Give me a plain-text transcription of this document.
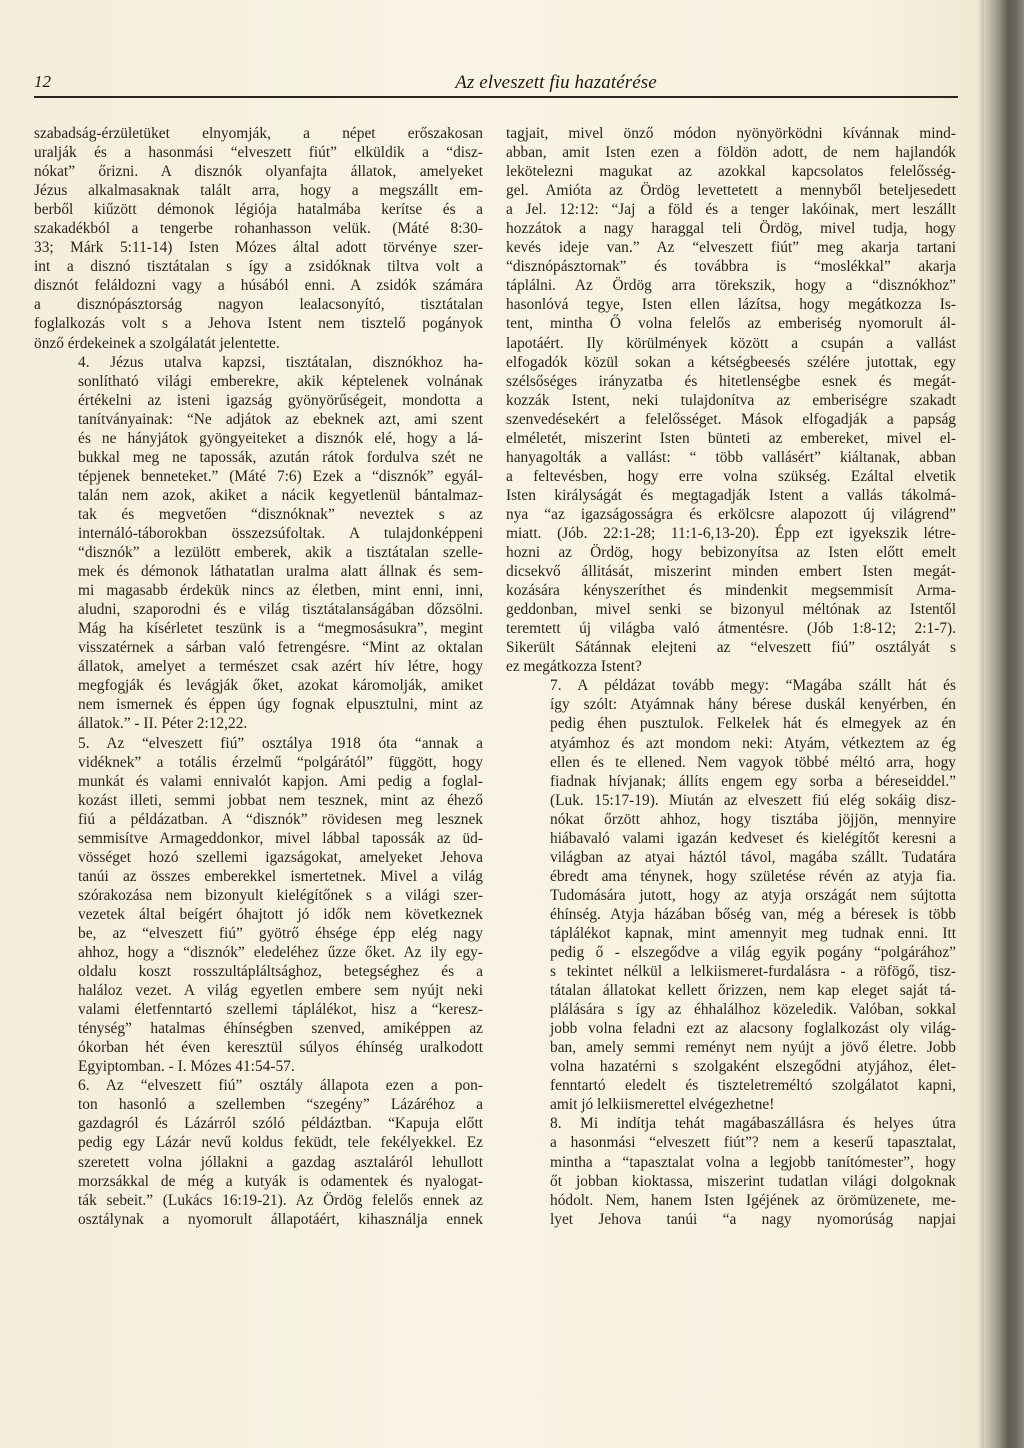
12	Az elveszett fiu hazatérése

szabadság-érzületüket elnyomják, a népet erőszakosan
uralják és a hasonmási “elveszett fiút” elküldik a “disz-
nókat” őrizni. A disznók olyanfajta állatok, amelyeket
Jézus alkalmasaknak talált arra, hogy a megszállt em-
berből kiűzött démonok légiója hatalmába kerítse és a
szakadékból a tengerbe rohanhasson velük. (Máté 8:30-
33; Márk 5:11-14) Isten Mózes által adott törvénye szer-
int a disznó tisztátalan s így a zsidóknak tiltva volt a
disznót feláldozni vagy a húsából enni. A zsidók számára
a disznópásztorság nagyon lealacsonyító, tisztátalan
foglalkozás volt s a Jehova Istent nem tisztelő pogányok
önző érdekeinek a szolgálatát jelentette.

4. Jézus utalva kapzsi, tisztátalan, disznókhoz ha-
sonlítható világi emberekre, akik képtelenek volnának
értékelni az isteni igazság gyönyörűségeit, mondotta a
tanítványainak: “Ne adjátok az ebeknek azt, ami szent
és ne hányjátok gyöngyeiteket a disznók elé, hogy a lá-
bukkal meg ne tapossák, azután rátok fordulva szét ne
tépjenek benneteket.” (Máté 7:6) Ezek a “disznók” egyál-
talán nem azok, akiket a nácik kegyetlenül bántalmaz-
tak és megvetően “disznóknak” neveztek s az
internáló-táborokban összezsúfoltak. A tulajdonképpeni
“disznók” a lezülött emberek, akik a tisztátalan szelle-
mek és démonok láthatatlan uralma alatt állnak és sem-
mi magasabb érdekük nincs az életben, mint enni, inni,
aludni, szaporodni és e világ tisztátalanságában dőzsölni.
Mág ha kísérletet teszünk is a “megmosásukra”, megint
visszatérnek a sárban való fetrengésre. “Mint az oktalan
állatok, amelyet a természet csak azért hív létre, hogy
megfogják és levágják őket, azokat káromolják, amiket
nem ismernek és éppen úgy fognak elpusztulni, mint az
állatok.” - II. Péter 2:12,22.

5. Az “elveszett fiú” osztálya 1918 óta “annak a
vidéknek” a totális érzelmű “polgárától” függött, hogy
munkát és valami ennivalót kapjon. Ami pedig a foglal-
kozást illeti, semmi jobbat nem tesznek, mint az éhező
fiú a példázatban. A “disznók” rövidesen meg lesznek
semmisítve Armageddonkor, mivel lábbal tapossák az üd-
vösséget hozó szellemi igazságokat, amelyeket Jehova
tanúi az összes emberekkel ismertetnek. Mivel a világ
szórakozása nem bizonyult kielégítőnek s a világi szer-
vezetek által beígért óhajtott jó idők nem következnek
be, az “elveszett fiú” gyötrő éhsége épp elég nagy
ahhoz, hogy a “disznók” eledeléhez űzze őket. Az ily egy-
oldalu koszt rosszultápláltsághoz, betegséghez és a
haláloz vezet. A világ egyetlen embere sem nyújt neki
valami életfenntartó szellemi táplálékot, hisz a “keresz-
ténység” hatalmas éhínségben szenved, amiképpen az
ókorban hét éven keresztül súlyos éhínség uralkodott
Egyiptomban. - I. Mózes 41:54-57.

6. Az “elveszett fiú” osztály állapota ezen a pon-
ton hasonló a szellemben “szegény” Lázáréhoz a
gazdagról és Lázárról szóló példáztban. “Kapuja előtt
pedig egy Lázár nevű koldus feküdt, tele fekélyekkel. Ez
szeretett volna jóllakni a gazdag asztaláról lehullott
morzsákkal de még a kutyák is odamentek és nyalogat-
ták sebeit.” (Lukács 16:19-21). Az Ördög felelős ennek az
osztálynak a nyomorult állapotáért, kihasználja ennek

tagjait, mivel önző módon nyönyörködni kívánnak mind-
abban, amit Isten ezen a földön adott, de nem hajlandók
lekötelezni magukat az azokkal kapcsolatos felelősség-
gel. Amióta az Ördög levettetett a mennyből beteljesedett
a Jel. 12:12: “Jaj a föld és a tenger lakóinak, mert leszállt
hozzátok a nagy haraggal teli Ördög, mivel tudja, hogy
kevés ideje van.” Az “elveszett fiút” meg akarja tartani
“disznópásztornak” és továbbra is “moslékkal” akarja
táplálni. Az Ördög arra törekszik, hogy a “disznókhoz”
hasonlóvá tegye, Isten ellen lázítsa, hogy megátkozza Is-
tent, mintha Ő volna felelős az emberiség nyomorult ál-
lapotáért. Ily körülmények között a csupán a vallást
elfogadók közül sokan a kétségbeesés szélére jutottak, egy
szélsőséges irányzatba és hitetlenségbe esnek és megát-
kozzák Istent, neki tulajdonítva az emberiségre szakadt
szenvedésekért a felelősséget. Mások elfogadják a papság
elméletét, miszerint Isten bünteti az embereket, mivel el-
hanyagolták a vallást: “ több vallásért” kiáltanak, abban
a feltevésben, hogy erre volna szükség. Ezáltal elvetik
Isten királyságát és megtagadják Istent a vallás tákolmá-
nya “az igazságosságra és erkölcsre alapozott új világrend”
miatt. (Jób. 22:1-28; 11:1-6,13-20). Épp ezt igyekszik létre-
hozni az Ördög, hogy bebizonyítsa az Isten előtt emelt
dicsekvő állitását, miszerint minden embert Isten megát-
kozására kényszeríthet és mindenkit megsemmisít Arma-
geddonban, mivel senki se bizonyul méltónak az Istentől
teremtett új világba való átmentésre. (Jób 1:8-12; 2:1-7).
Sikerült Sátánnak elejteni az “elveszett fiú” osztályát s
ez megátkozza Istent?

7. A példázat tovább megy: “Magába szállt hát és
így szólt: Atyámnak hány bérese duskál kenyérben, én
pedig éhen pusztulok. Felkelek hát és elmegyek az én
atyámhoz és azt mondom neki: Atyám, vétkeztem az ég
ellen és te ellened. Nem vagyok többé méltó arra, hogy
fiadnak hívjanak; állíts engem egy sorba a béreseiddel.”
(Luk. 15:17-19). Miután az elveszett fiú elég sokáig disz-
nókat őrzött ahhoz, hogy tisztába jöjjön, mennyire
hiábavaló valami igazán kedveset és kielégítőt keresni a
világban az atyai háztól távol, magába szállt. Tudatára
ébredt ama ténynek, hogy születése révén az atyja fia.
Tudomására jutott, hogy az atyja országát nem sújtotta
éhínség. Atyja házában bőség van, még a béresek is több
táplálékot kapnak, mint amennyit meg tudnak enni. Itt
pedig ő - elszegődve a világ egyik pogány “polgárához”
s tekintet nélkül a lelkiismeret-furdalásra - a röfögő, tisz-
tátalan állatokat kellett őrizzen, nem kap eleget saját tá-
plálására s így az éhhalálhoz közeledik. Valóban, sokkal
jobb volna feladni ezt az alacsony foglalkozást oly világ-
ban, amely semmi reményt nem nyújt a jövő életre. Jobb
volna hazatérni s szolgaként elszegődni atyjához, élet-
fenntartó eledelt és tiszteletreméltó szolgálatot kapni,
amit jó lelkiismerettel elvégezhetne!

8. Mi indítja tehát magábaszállásra és helyes útra
a hasonmási “elveszett fiút”? nem a keserű tapasztalat,
mintha a “tapasztalat volna a legjobb tanítómester”, hogy
őt jobban kioktassa, miszerint tudatlan világi dolgoknak
hódolt. Nem, hanem Isten Igéjének az örömüzenete, me-
lyet Jehova tanúi “a nagy nyomorúság napjai
